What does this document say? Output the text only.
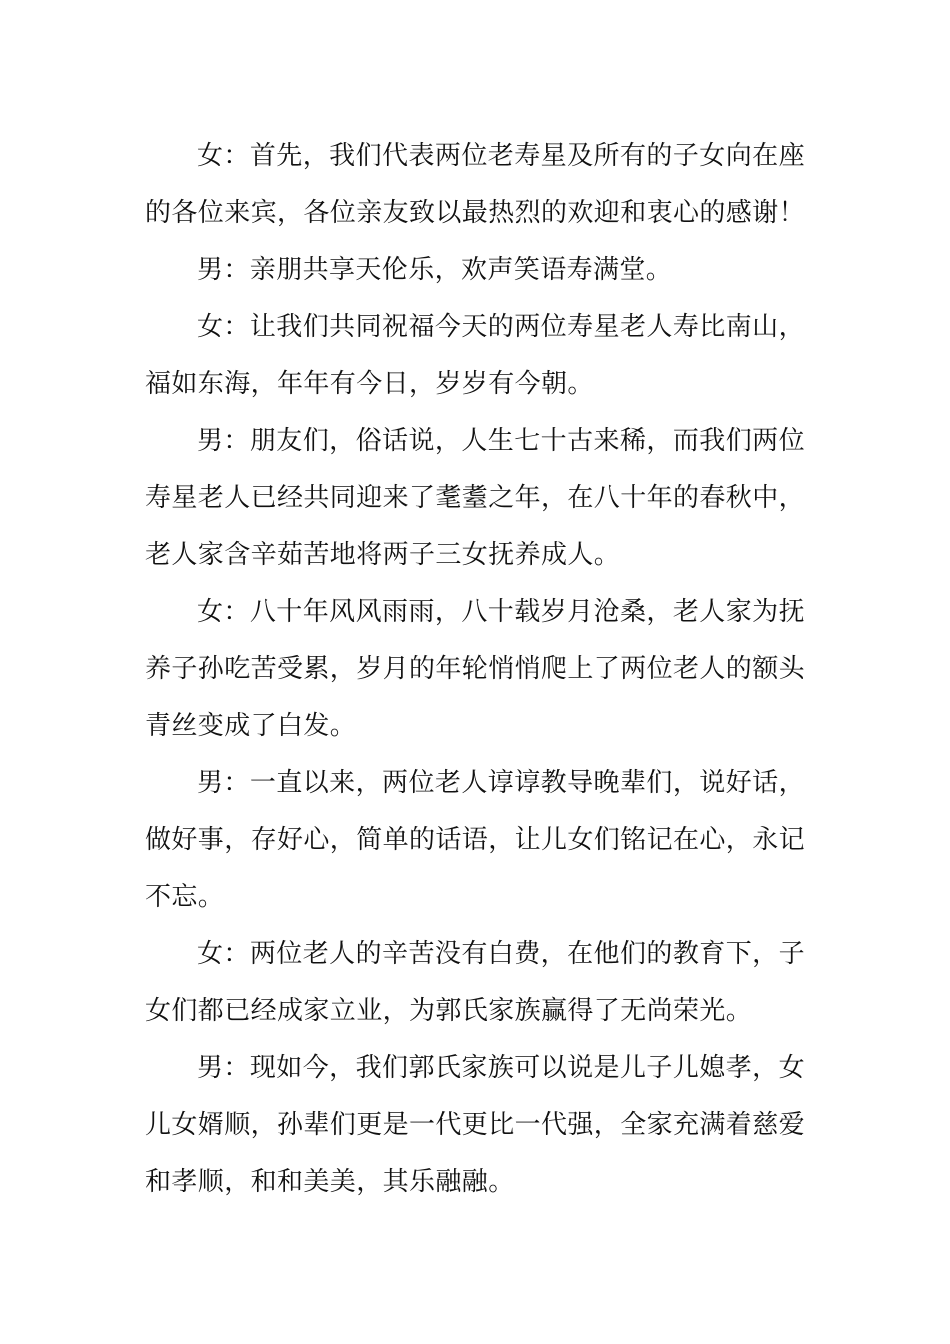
女：首先，我们代表两位老寿星及所有的子女向在座的各位来宾，各位亲友致以最热烈的欢迎和衷心的感谢！

男：亲朋共享天伦乐，欢声笑语寿满堂。

女：让我们共同祝福今天的两位寿星老人寿比南山，福如东海，年年有今日，岁岁有今朝。

男：朋友们，俗话说，人生七十古来稀，而我们两位寿星老人已经共同迎来了耄耋之年，在八十年的春秋中，老人家含辛茹苦地将两子三女抚养成人。

女：八十年风风雨雨，八十载岁月沧桑，老人家为抚养子孙吃苦受累，岁月的年轮悄悄爬上了两位老人的额头青丝变成了白发。

男：一直以来，两位老人谆谆教导晚辈们，说好话，做好事，存好心，简单的话语，让儿女们铭记在心，永记不忘。

女：两位老人的辛苦没有白费，在他们的教育下，子女们都已经成家立业，为郭氏家族赢得了无尚荣光。

男：现如今，我们郭氏家族可以说是儿子儿媳孝，女儿女婿顺，孙辈们更是一代更比一代强，全家充满着慈爱和孝顺，和和美美，其乐融融。
